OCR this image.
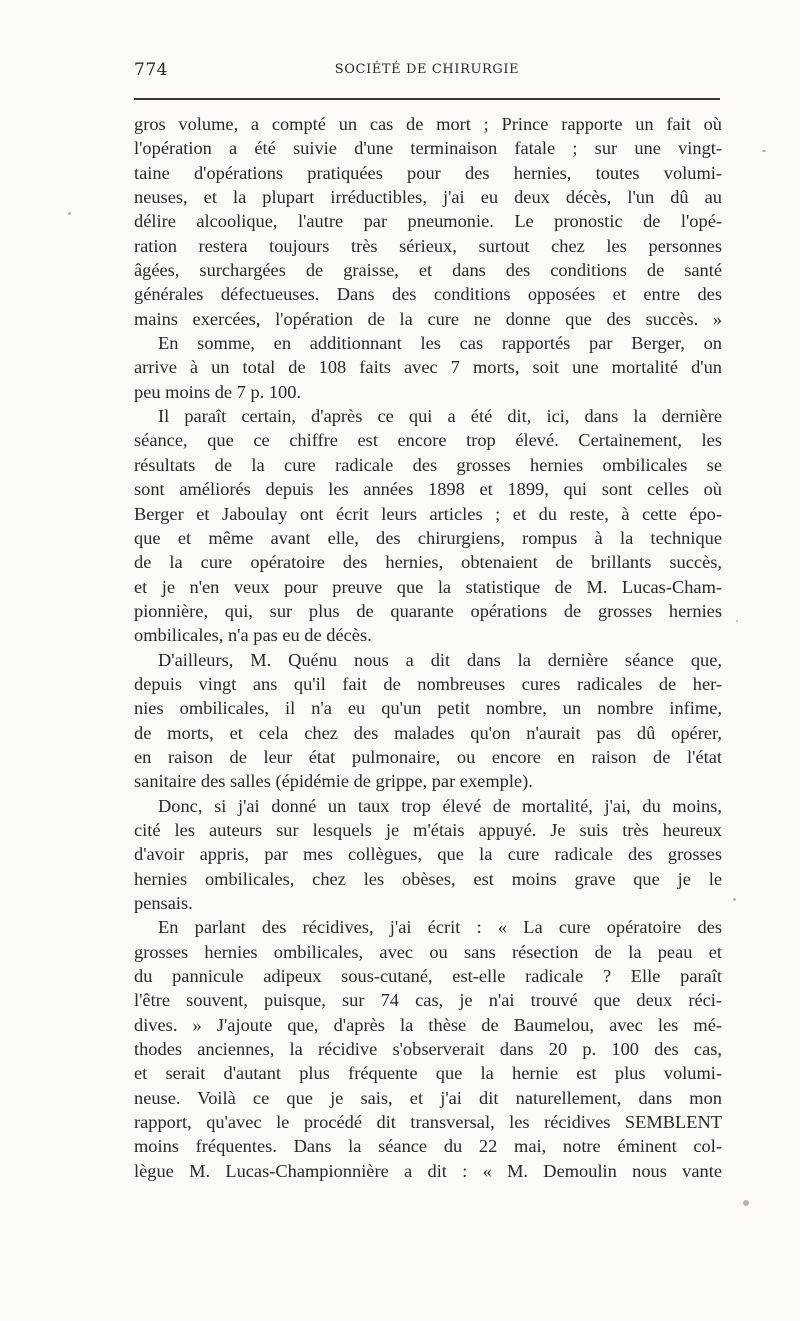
774	SOCIÉTÉ DE CHIRURGIE
gros volume, a compté un cas de mort ; Prince rapporte un fait où
l'opération a été suivie d'une terminaison fatale ; sur une vingt-
taine d'opérations pratiquées pour des hernies, toutes volumi-
neuses, et la plupart irréductibles, j'ai eu deux décès, l'un dû au
délire alcoolique, l'autre par pneumonie. Le pronostic de l'opé-
ration restera toujours très sérieux, surtout chez les personnes
âgées, surchargées de graisse, et dans des conditions de santé
générales défectueuses. Dans des conditions opposées et entre des
mains exercées, l'opération de la cure ne donne que des succès. »
En somme, en additionnant les cas rapportés par Berger, on
arrive à un total de 108 faits avec 7 morts, soit une mortalité d'un
peu moins de 7 p. 100.
Il paraît certain, d'après ce qui a été dit, ici, dans la dernière
séance, que ce chiffre est encore trop élevé. Certainement, les
résultats de la cure radicale des grosses hernies ombilicales se
sont améliorés depuis les années 1898 et 1899, qui sont celles où
Berger et Jaboulay ont écrit leurs articles ; et du reste, à cette épo-
que et même avant elle, des chirurgiens, rompus à la technique
de la cure opératoire des hernies, obtenaient de brillants succès,
et je n'en veux pour preuve que la statistique de M. Lucas-Cham-
pionnière, qui, sur plus de quarante opérations de grosses hernies
ombilicales, n'a pas eu de décès.
D'ailleurs, M. Quénu nous a dit dans la dernière séance que,
depuis vingt ans qu'il fait de nombreuses cures radicales de her-
nies ombilicales, il n'a eu qu'un petit nombre, un nombre infime,
de morts, et cela chez des malades qu'on n'aurait pas dû opérer,
en raison de leur état pulmonaire, ou encore en raison de l'état
sanitaire des salles (épidémie de grippe, par exemple).
Donc, si j'ai donné un taux trop élevé de mortalité, j'ai, du moins,
cité les auteurs sur lesquels je m'étais appuyé. Je suis très heureux
d'avoir appris, par mes collègues, que la cure radicale des grosses
hernies ombilicales, chez les obèses, est moins grave que je le
pensais.
En parlant des récidives, j'ai écrit : « La cure opératoire des
grosses hernies ombilicales, avec ou sans résection de la peau et
du pannicule adipeux sous-cutané, est-elle radicale ? Elle paraît
l'être souvent, puisque, sur 74 cas, je n'ai trouvé que deux réci-
dives. » J'ajoute que, d'après la thèse de Baumelou, avec les mé-
thodes anciennes, la récidive s'observerait dans 20 p. 100 des cas,
et serait d'autant plus fréquente que la hernie est plus volumi-
neuse. Voilà ce que je sais, et j'ai dit naturellement, dans mon
rapport, qu'avec le procédé dit transversal, les récidives SEMBLENT
moins fréquentes. Dans la séance du 22 mai, notre éminent col-
lègue M. Lucas-Championnière a dit : « M. Demoulin nous vante
